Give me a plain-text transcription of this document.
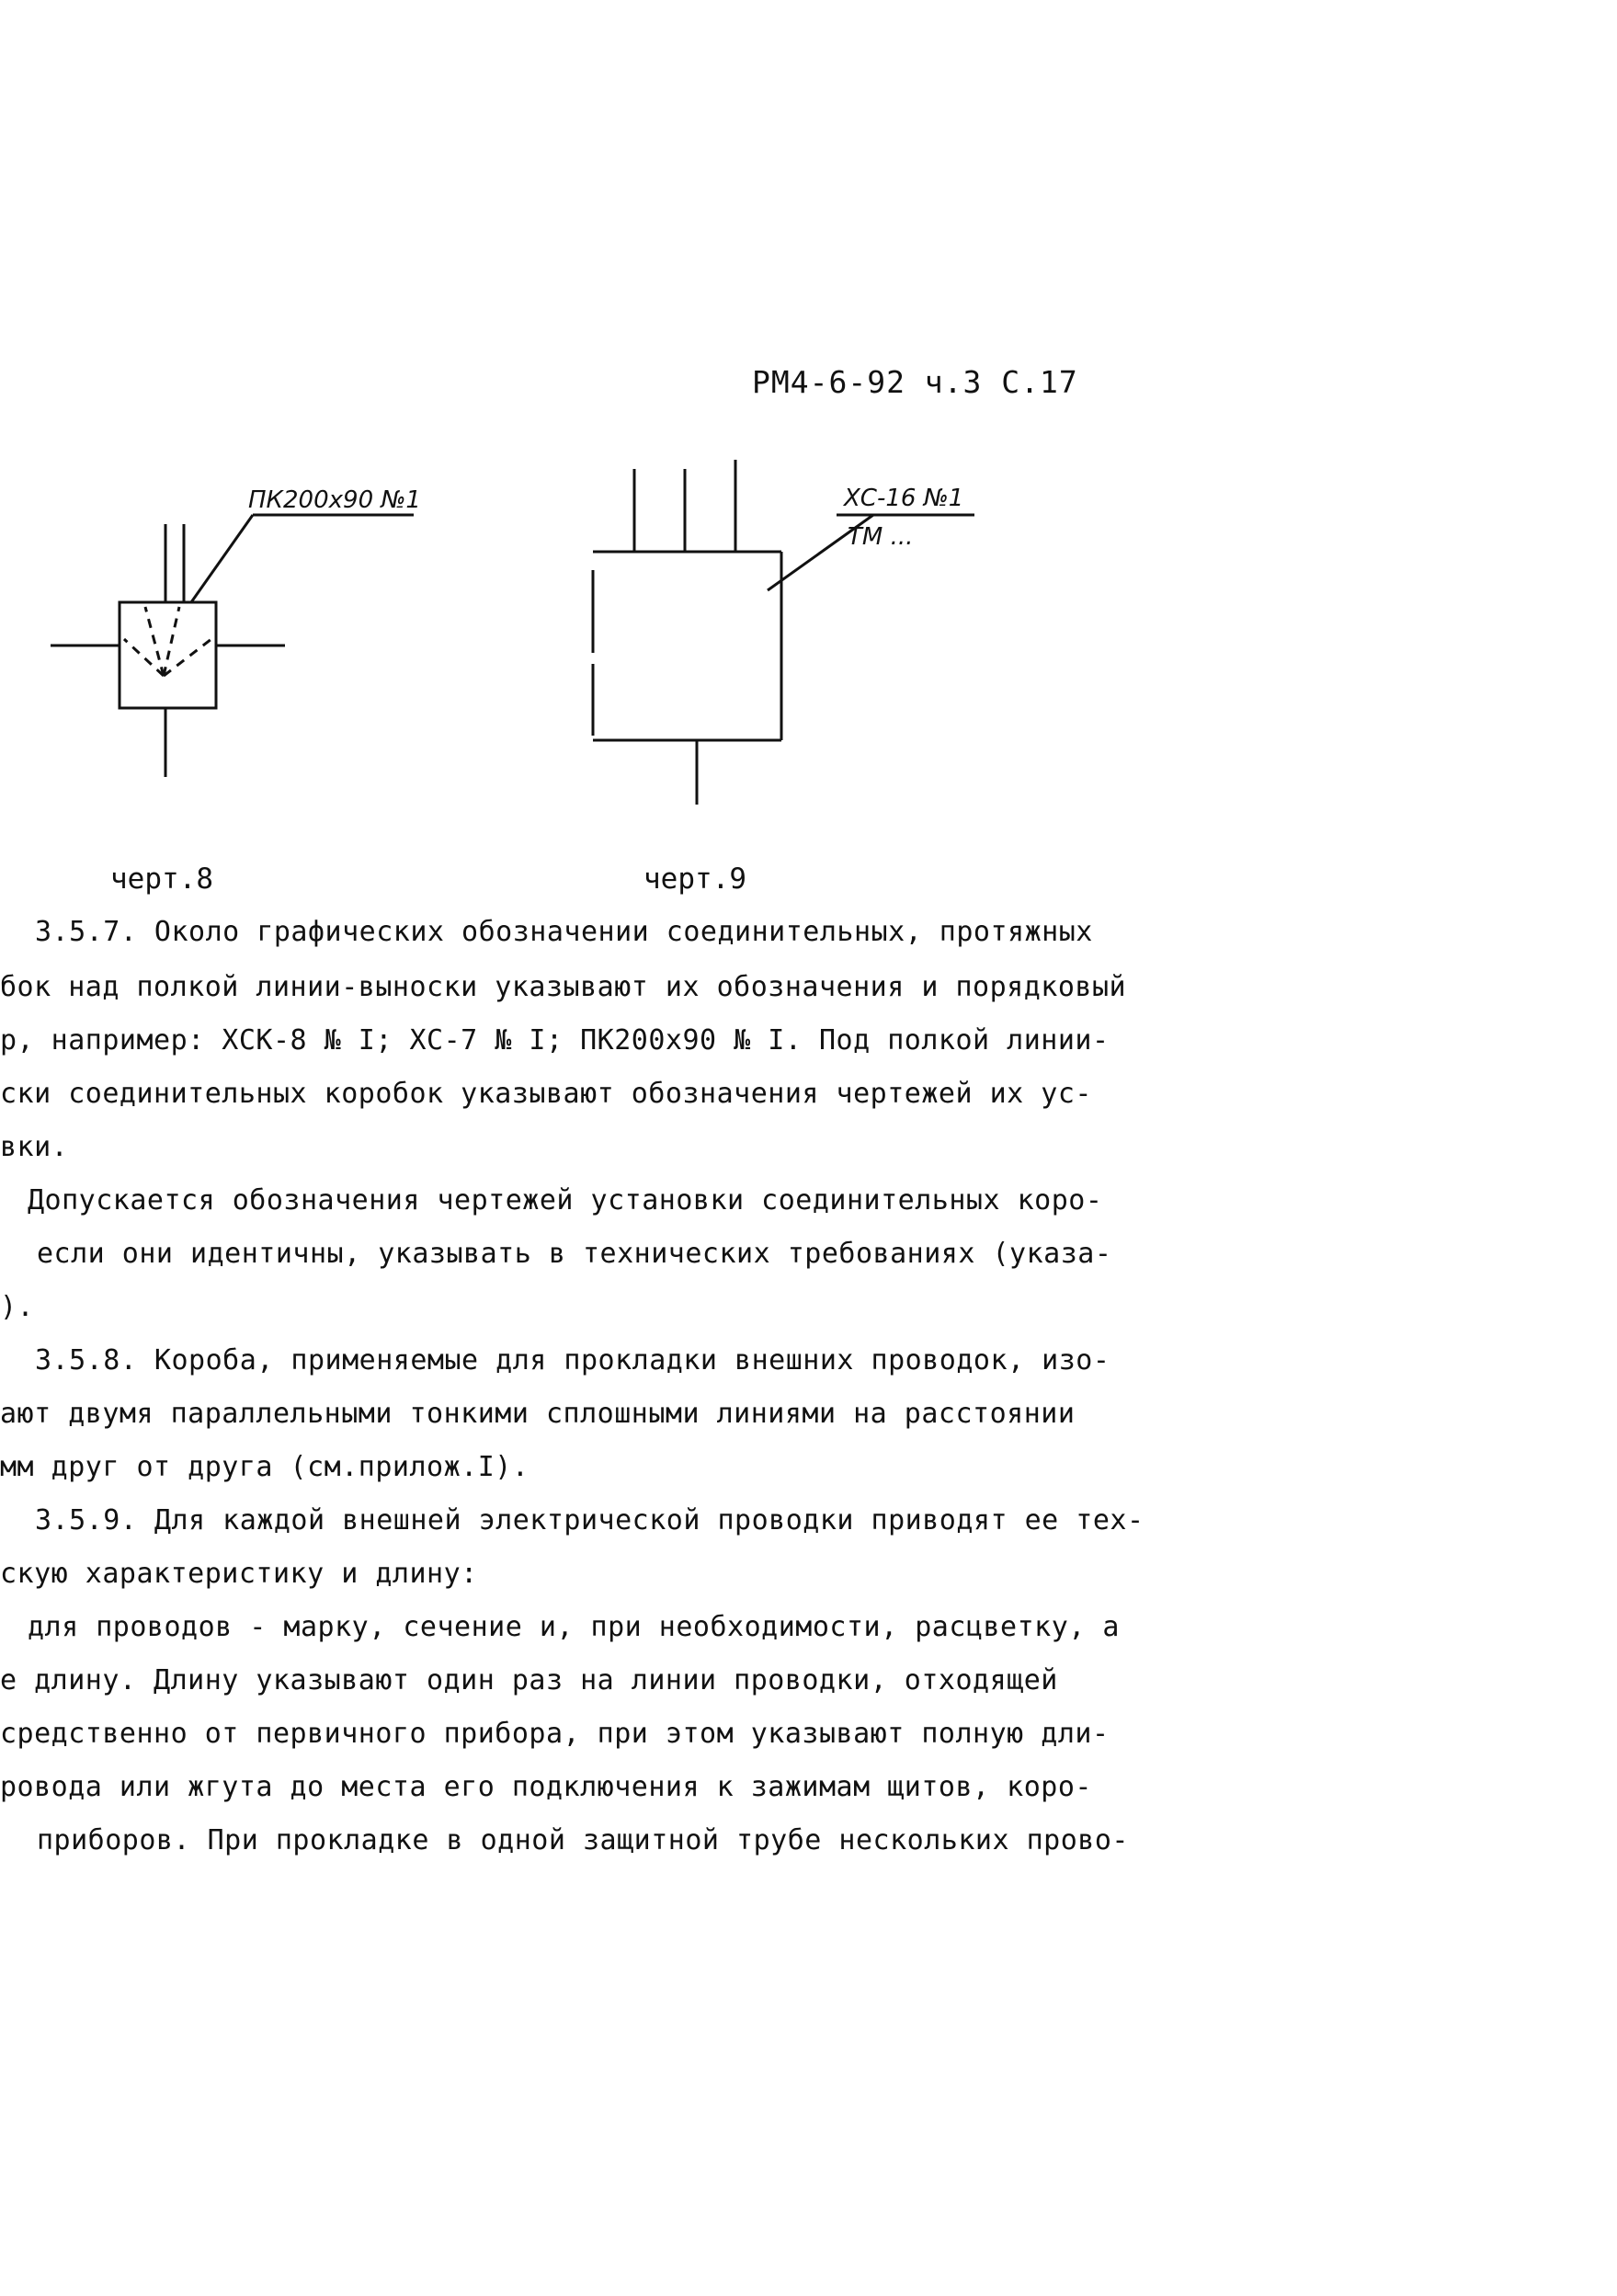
РМ4-6-92 ч.3 С.17
ПК200х90 №1
черт.8
ХС-16 №1
ТМ ...
черт.9
3.5.7. Около графических обозначении соединительных, протяжных
бок над полкой линии-выноски указывают их обозначения и порядковый
р, например: ХСК-8 № I; ХС-7 № I; ПК200х90 № I. Под полкой линии-
ски соединительных коробок указывают обозначения чертежей их ус-
вки.
Допускается обозначения чертежей установки соединительных коро-
если они идентичны, указывать в технических требованиях (указа-
).
3.5.8. Короба, применяемые для прокладки внешних проводок, изо-
ают двумя параллельными тонкими сплошными линиями на расстоянии
мм друг от друга (см.прилож.I).
3.5.9. Для каждой внешней электрической проводки приводят ее тех-
скую характеристику и длину:
для проводов - марку, сечение и, при необходимости, расцветку, а
е длину. Длину указывают один раз на линии проводки, отходящей
средственно от первичного прибора, при этом указывают полную дли-
ровода или жгута до места его подключения к зажимам щитов, коро-
приборов. При прокладке в одной защитной трубе нескольких прово-
